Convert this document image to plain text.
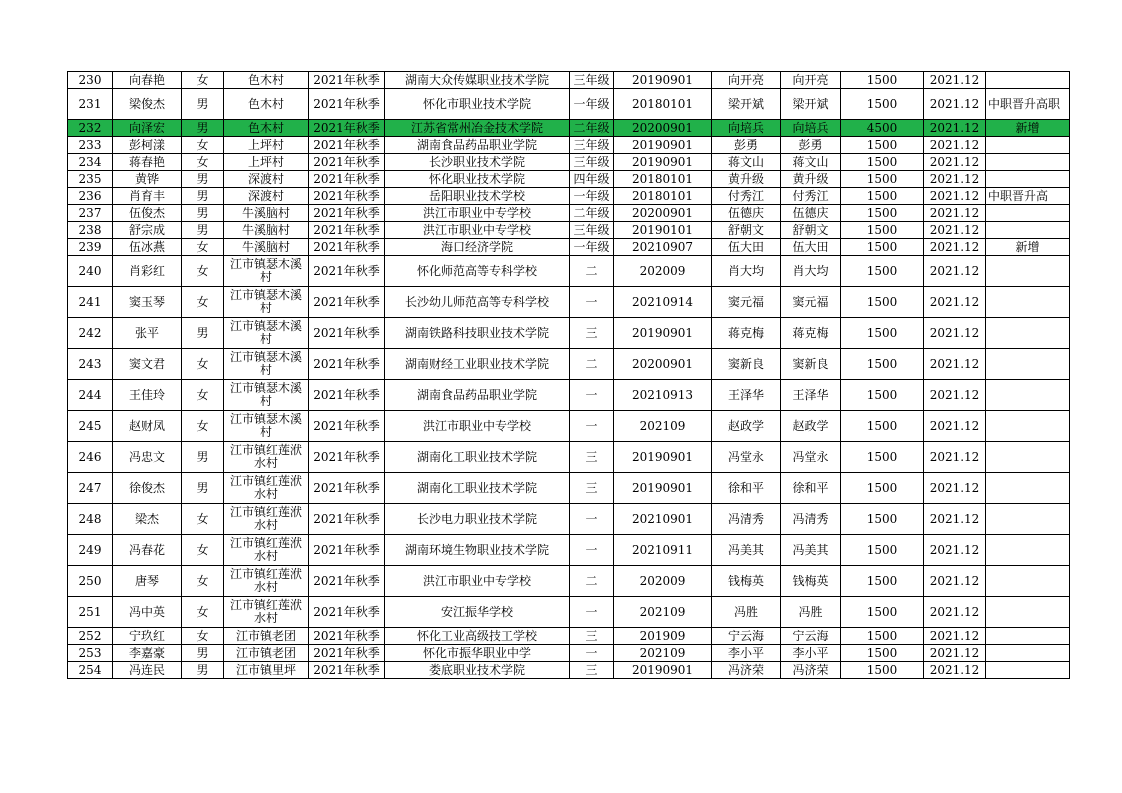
230	向春艳	女	色木村	2021年秋季	湖南大众传媒职业技术学院	三年级	20190901	向开亮	向开亮	1500	2021.12	
231	梁俊杰	男	色木村	2021年秋季	怀化市职业技术学院	一年级	20180101	梁开斌	梁开斌	1500	2021.12	中职晋升高职
232	向泽宏	男	色木村	2021年秋季	江苏省常州冶金技术学院	二年级	20200901	向培兵	向培兵	4500	2021.12	新增
233	彭柯漾	女	上坪村	2021年秋季	湖南食品药品职业学院	三年级	20190901	彭勇	彭勇	1500	2021.12	
234	蒋春艳	女	上坪村	2021年秋季	长沙职业技术学院	三年级	20190901	蒋文山	蒋文山	1500	2021.12	
235	黄铧	男	深渡村	2021年秋季	怀化职业技术学院	四年级	20180101	黄升级	黄升级	1500	2021.12	
236	肖育丰	男	深渡村	2021年秋季	岳阳职业技术学校	一年级	20180101	付秀江	付秀江	1500	2021.12	中职晋升高
237	伍俊杰	男	牛溪脑村	2021年秋季	洪江市职业中专学校	二年级	20200901	伍德庆	伍德庆	1500	2021.12	
238	舒宗成	男	牛溪脑村	2021年秋季	洪江市职业中专学校	三年级	20190101	舒朝文	舒朝文	1500	2021.12	
239	伍冰燕	女	牛溪脑村	2021年秋季	海口经济学院	一年级	20210907	伍大田	伍大田	1500	2021.12	新增
240	肖彩红	女	江市镇瑟木溪村	2021年秋季	怀化师范高等专科学校	二	202009	肖大均	肖大均	1500	2021.12	
241	窦玉琴	女	江市镇瑟木溪村	2021年秋季	长沙幼儿师范高等专科学校	一	20210914	窦元福	窦元福	1500	2021.12	
242	张平	男	江市镇瑟木溪村	2021年秋季	湖南铁路科技职业技术学院	三	20190901	蒋克梅	蒋克梅	1500	2021.12	
243	窦文君	女	江市镇瑟木溪村	2021年秋季	湖南财经工业职业技术学院	二	20200901	窦新良	窦新良	1500	2021.12	
244	王佳玲	女	江市镇瑟木溪村	2021年秋季	湖南食品药品职业学院	一	20210913	王泽华	王泽华	1500	2021.12	
245	赵财凤	女	江市镇瑟木溪村	2021年秋季	洪江市职业中专学校	一	202109	赵政学	赵政学	1500	2021.12	
246	冯忠文	男	江市镇红莲洑水村	2021年秋季	湖南化工职业技术学院	三	20190901	冯堂永	冯堂永	1500	2021.12	
247	徐俊杰	男	江市镇红莲洑水村	2021年秋季	湖南化工职业技术学院	三	20190901	徐和平	徐和平	1500	2021.12	
248	梁杰	女	江市镇红莲洑水村	2021年秋季	长沙电力职业技术学院	一	20210901	冯清秀	冯清秀	1500	2021.12	
249	冯春花	女	江市镇红莲洑水村	2021年秋季	湖南环境生物职业技术学院	一	20210911	冯美其	冯美其	1500	2021.12	
250	唐琴	女	江市镇红莲洑水村	2021年秋季	洪江市职业中专学校	二	202009	钱梅英	钱梅英	1500	2021.12	
251	冯中英	女	江市镇红莲洑水村	2021年秋季	安江振华学校	一	202109	冯胜	冯胜	1500	2021.12	
252	宁玖红	女	江市镇老团	2021年秋季	怀化工业高级技工学校	三	201909	宁云海	宁云海	1500	2021.12	
253	李嘉豪	男	江市镇老团	2021年秋季	怀化市振华职业中学	一	202109	李小平	李小平	1500	2021.12	
254	冯连民	男	江市镇里坪	2021年秋季	娄底职业技术学院	三	20190901	冯济荣	冯济荣	1500	2021.12	
